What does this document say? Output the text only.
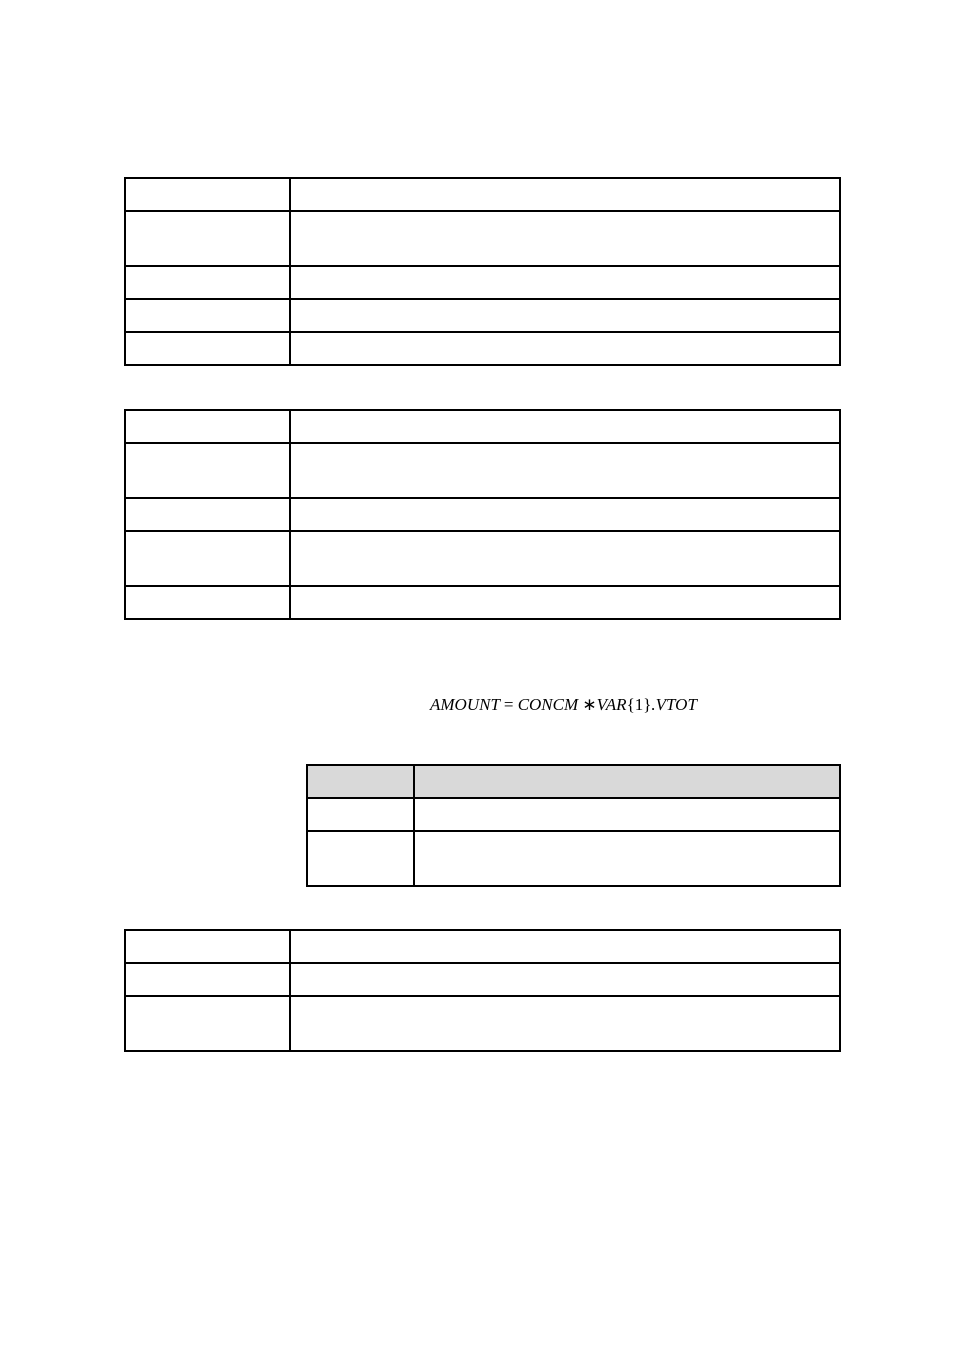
AMOUNT = CONCM ∗VAR{1}.VTOT
